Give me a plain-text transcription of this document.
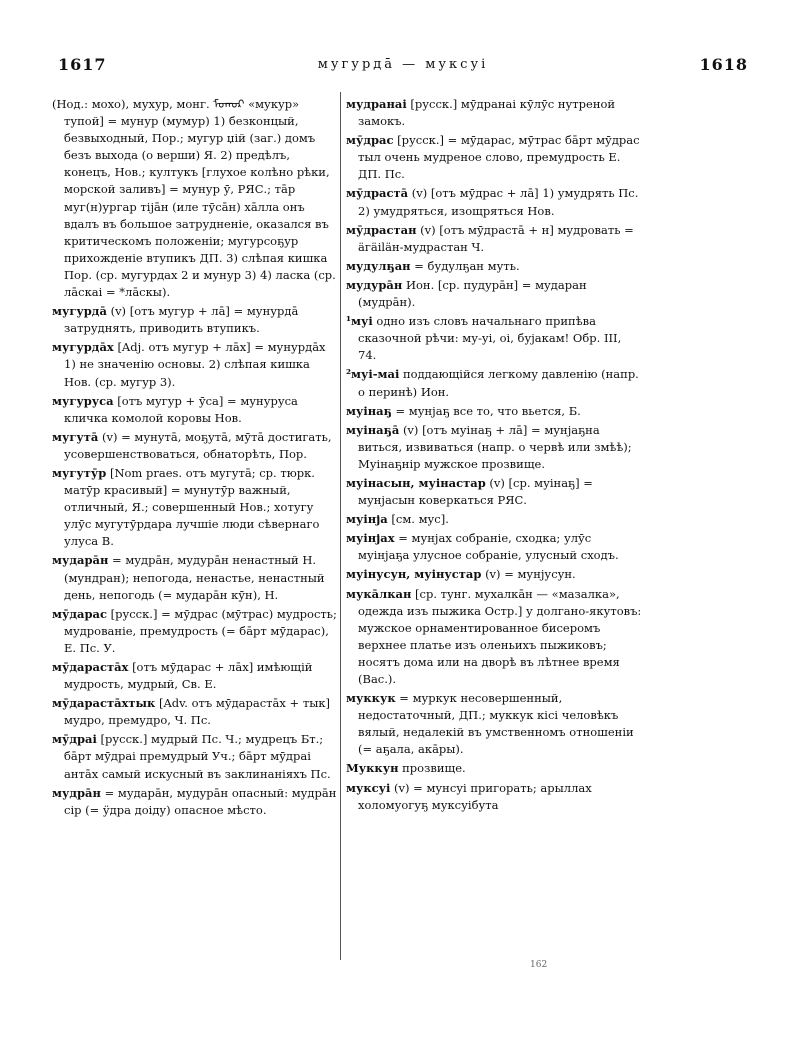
1617	мугурдā — муксуi	1618
(Нод.: мохо), мухур, монг. ᠮᠤᠬᠤᠷ «мукур» тупой] = мунур (мумур) 1) безконцый, безвыходный, Пор.; мугур џiй (заг.) домъ безъ выхода (о верши) Я. 2) предѣлъ, конецъ, Нов.; култукъ [глухое колѣно рѣки, морской заливъ] = мунур ӯ, РЯС.; тāр муг(н)ургар тiјāн (иле тӯсāн) хāлла онъ вдалъ въ большое затрудненiе, оказался въ критическомъ положенiи; мугурсоҕур прихожденiе втупикъ ДП. 3) слѣпая кишка Пор. (ср. мугурдах 2 и мунур 3) 4) ласка (ср. лāскаi = *лāскы).
мугурдā (v) [отъ мугур + лā] = мунурдā затруднять, приводить втупикъ.
мугурдāх [Adj. отъ мугур + лāх] = мунурдāх 1) не значенiю основы. 2) слѣпая кишка Нов. (ср. мугур 3).
мугуруса [отъ мугур + ӯса] = мунуруса кличка комолой коровы Нов.
мугутā (v) = мунутā, моҕутā, мӯтā достигать, усовершенствоваться, обнаторѣть, Пор.
мугутӯр [Nom praes. отъ мугутā; ср. тюрк. матӯр красивый] = мунутӯр важный, отличный, Я.; совершенный Нов.; хотугу улӯс мугутӯрдара лучшiе люди сѣвернаго улуса В.
мударāн = мудрāн, мудурāн ненастный Н. (мундран); непогода, ненастье, ненастный день, непогодь (= мударāн кӯн), Н.
мӯдарас [русск.] = мӯдрас (мӯтрас) мудрость; мудрованiе, премудрость (= бāрт мӯдарас), Е. Пс. У.
мӯдарастāх [отъ мӯдарас + лāх] имѣющiй мудрость, мудрый, Св. Е.
мӯдарастāхтык [Adv. отъ мӯдарастāх + тык] мудро, премудро, Ч. Пс.
мӯдраi [русск.] мудрый Пс. Ч.; мудрецъ Бт.; бāрт мӯдраi премудрый Уч.; бāрт мӯдраi антāх самый искусный въ заклинанiяхъ Пс.
мудрāн = мударāн, мудурāн опасный: мудрāн сiр (= ӱдра доiду) опасное мѣсто.
мудранаi [русск.] мӯдранаi кӯлӯс нутреной замокъ.
мӯдрас [русск.] = мӯдарас, мӯтрас бāрт мӯдрас тыл очень мудреное слово, премудрость Е. ДП. Пс.
мӯдрастā (v) [отъ мӯдрас + лā] 1) умудрять Пс. 2) умудряться, изощряться Нов.
мӯдрастан (v) [отъ мӯдрастā + н] мудровать = äгäiläн-мудрастан Ч.
мудулҕан = будулҕан муть.
мудурāн Ион. [ср. пудурāн] = мударан (мудрāн).
¹муi одно изъ словъ начальнаго припѣва сказочной рѣчи: му-уi, оi, бујакам! Обр. III, 74.
²муi-маi поддающiйся легкому давленiю (напр. о перинѣ) Ион.
муiнаҕ = мунјаҕ все то, что вьется, Б.
муiнаҕā (v) [отъ муiнаҕ + лā] = мунјаҕна виться, извиваться (напр. о червѣ или змѣѣ); Муiнаҕнiр мужское прозвище.
муiнасын, муiнастар (v) [ср. муiнаҕ] = мунјасын коверкаться РЯС.
муiнја [см. мус].
муiнјах = мунјах собранiе, сходка; улӯс муiнјаҕа улусное собранiе, улусный сходъ.
муiнусун, муiнустар (v) = мунјусун.
мукāлкан [ср. тунг. мухалкāн — «мазалка», одежда изъ пыжика Остр.] у долгано-якутовъ: мужское орнаментированное бисеромъ верхнее платье изъ оленьихъ пыжиковъ; носятъ дома или на дворѣ въ лѣтнее время (Вас.).
муккук = муркук несовершенный, недостаточный, ДП.; муккук кiсi человѣкъ вялый, недалекiй въ умственномъ отношенiи (= аҕала, акāры).
Муккун прозвище.
муксуi (v) = мунсуi пригорать; арыллах холомуогуҕ муксуiбута
162
